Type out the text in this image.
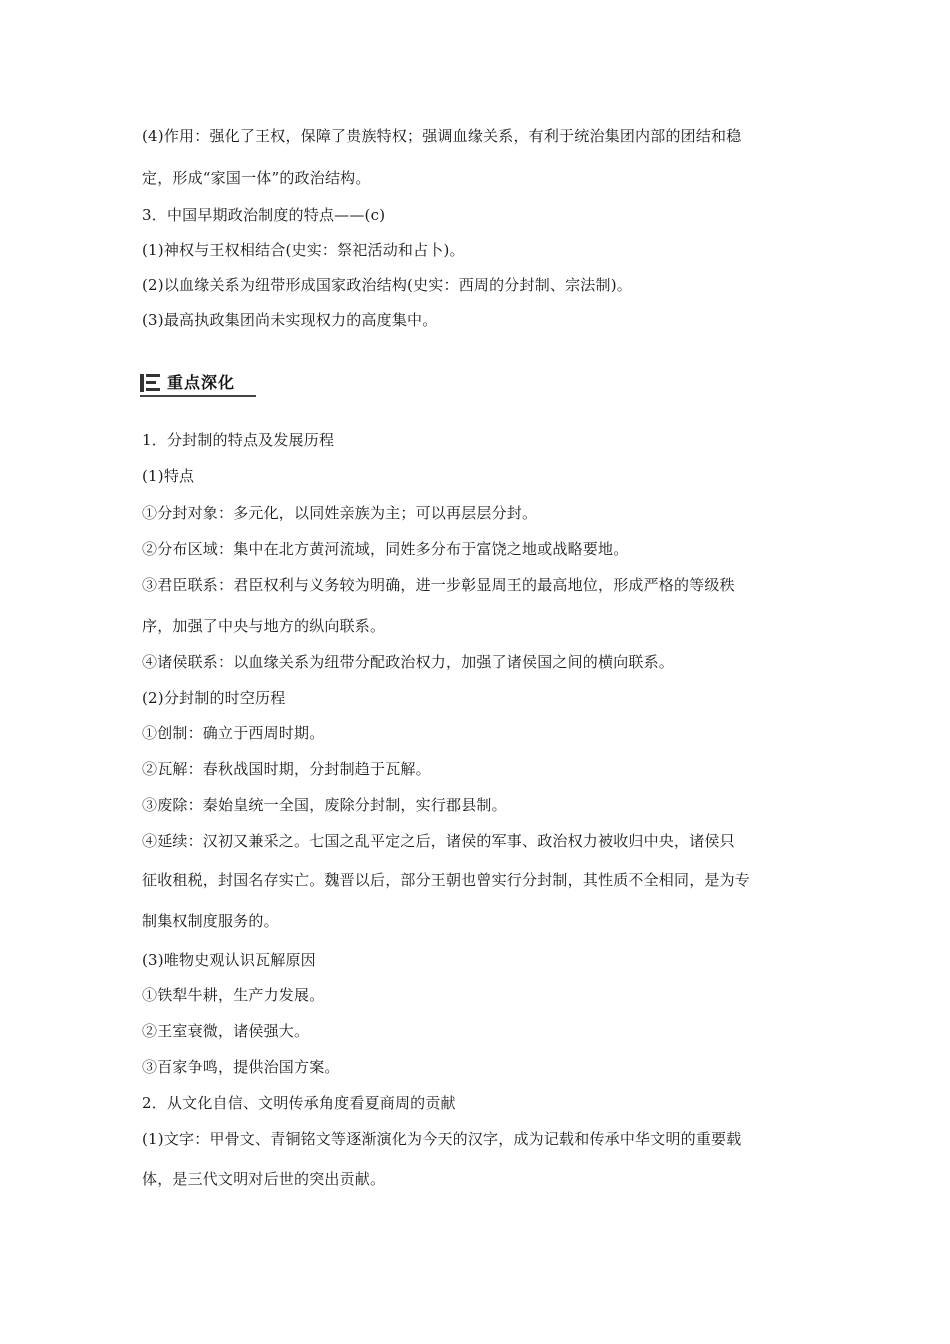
(4)作用：强化了王权，保障了贵族特权；强调血缘关系，有利于统治集团内部的团结和稳
定，形成“家国一体”的政治结构。
3．中国早期政治制度的特点——(c)
(1)神权与王权相结合(史实：祭祀活动和占卜)。
(2)以血缘关系为纽带形成国家政治结构(史实：西周的分封制、宗法制)。
(3)最高执政集团尚未实现权力的高度集中。
重点深化
1．分封制的特点及发展历程
(1)特点
①分封对象：多元化，以同姓亲族为主；可以再层层分封。
②分布区域：集中在北方黄河流域，同姓多分布于富饶之地或战略要地。
③君臣联系：君臣权利与义务较为明确，进一步彰显周王的最高地位，形成严格的等级秩
序，加强了中央与地方的纵向联系。
④诸侯联系：以血缘关系为纽带分配政治权力，加强了诸侯国之间的横向联系。
(2)分封制的时空历程
①创制：确立于西周时期。
②瓦解：春秋战国时期，分封制趋于瓦解。
③废除：秦始皇统一全国，废除分封制，实行郡县制。
④延续：汉初又兼采之。七国之乱平定之后，诸侯的军事、政治权力被收归中央，诸侯只
征收租税，封国名存实亡。魏晋以后，部分王朝也曾实行分封制，其性质不全相同，是为专
制集权制度服务的。
(3)唯物史观认识瓦解原因
①铁犁牛耕，生产力发展。
②王室衰微，诸侯强大。
③百家争鸣，提供治国方案。
2．从文化自信、文明传承角度看夏商周的贡献
(1)文字：甲骨文、青铜铭文等逐渐演化为今天的汉字，成为记载和传承中华文明的重要载
体，是三代文明对后世的突出贡献。
